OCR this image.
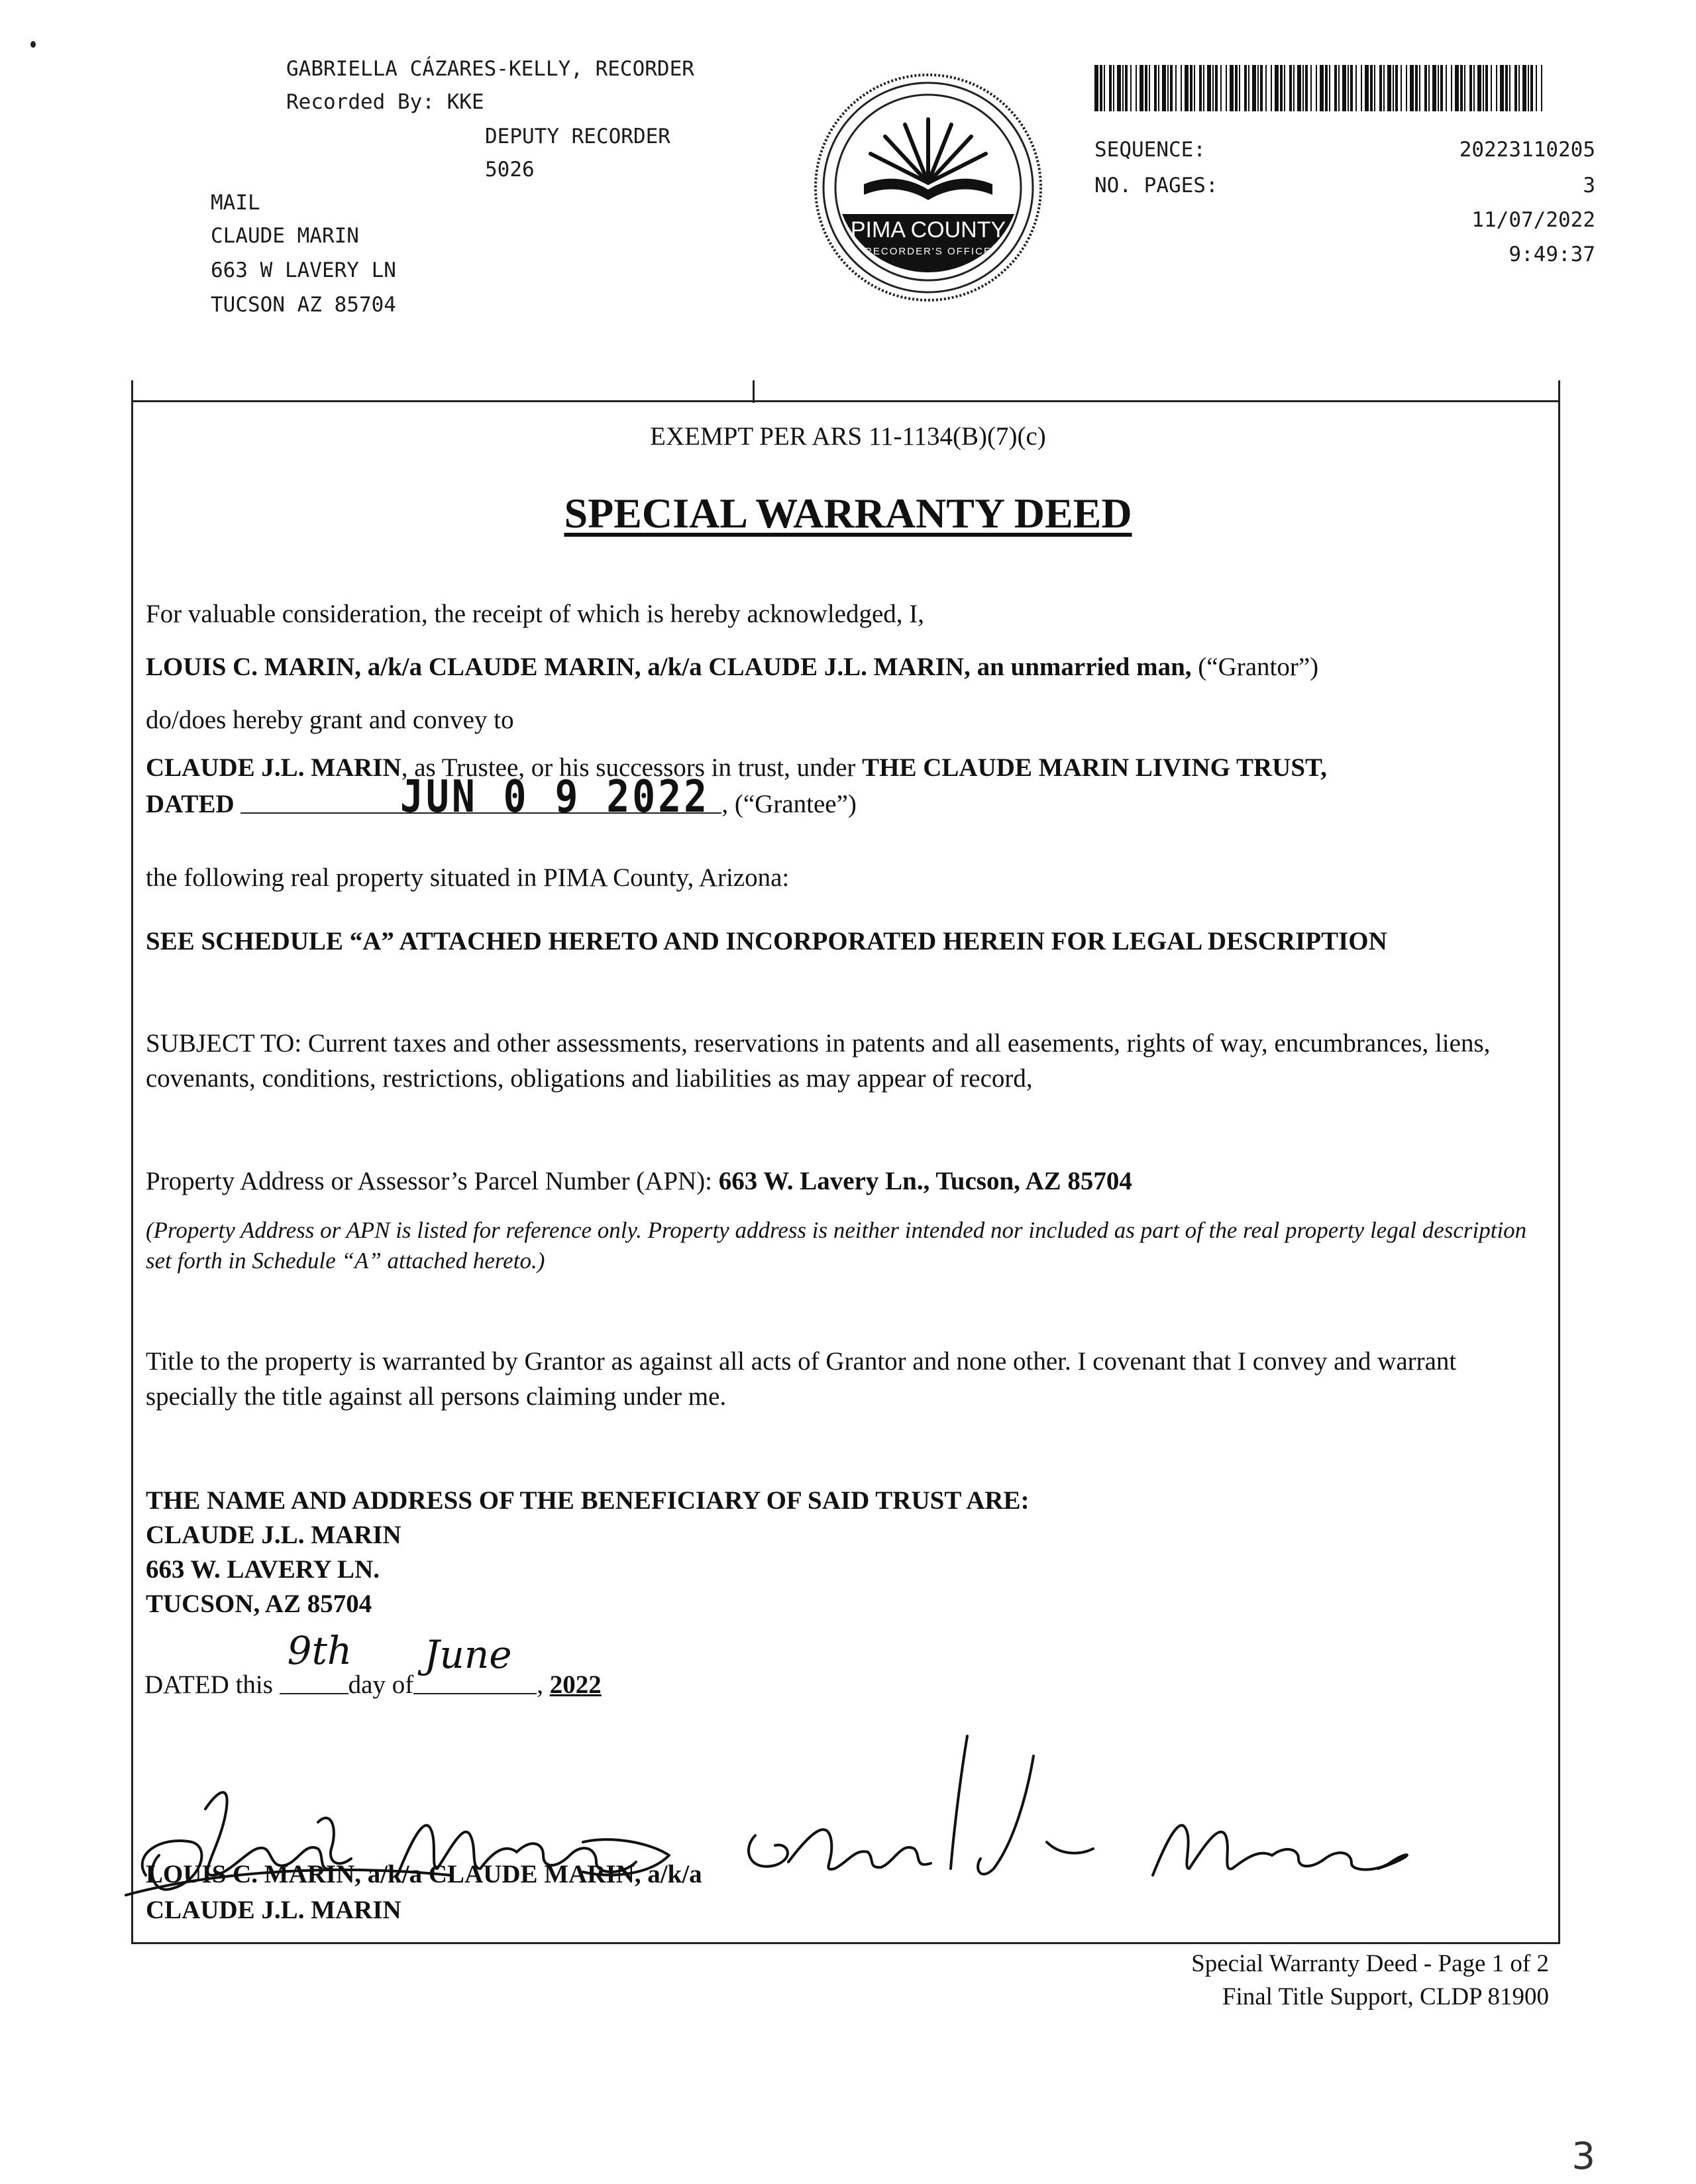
GABRIELLA CÁZARES-KELLY, RECORDER
Recorded By: KKE
DEPUTY RECORDER
5026
MAIL
CLAUDE MARIN
663 W LAVERY LN
TUCSON AZ 85704
PIMA COUNTY
RECORDER'S OFFICE
SEQUENCE:
NO. PAGES:
20223110205
3
11/07/2022
9:49:37
EXEMPT PER ARS 11-1134(B)(7)(c)
SPECIAL WARRANTY DEED
For valuable consideration, the receipt of which is hereby acknowledged, I,
LOUIS C. MARIN, a/k/a CLAUDE MARIN, a/k/a CLAUDE J.L. MARIN, an unmarried man, (“Grantor”)
do/does hereby grant and convey to
CLAUDE J.L. MARIN, as Trustee, or his successors in trust, under THE CLAUDE MARIN LIVING TRUST,
DATED	, (“Grantee”)
JUN 0 9 2022
the following real property situated in PIMA County, Arizona:
SEE SCHEDULE “A” ATTACHED HERETO AND INCORPORATED HEREIN FOR LEGAL DESCRIPTION
SUBJECT TO: Current taxes and other assessments, reservations in patents and all easements, rights of way, encumbrances, liens, covenants, conditions, restrictions, obligations and liabilities as may appear of record,
Property Address or Assessor’s Parcel Number (APN): 663 W. Lavery Ln., Tucson, AZ 85704
(Property Address or APN is listed for reference only. Property address is neither intended nor included as part of the real property legal description set forth in Schedule “A” attached hereto.)
Title to the property is warranted by Grantor as against all acts of Grantor and none other. I covenant that I convey and warrant specially the title against all persons claiming under me.
THE NAME AND ADDRESS OF THE BENEFICIARY OF SAID TRUST ARE:
CLAUDE J.L. MARIN
663 W. LAVERY LN.
TUCSON, AZ 85704
DATED this
9th
day of
June
, 2022
LOUIS C. MARIN, a/k/a CLAUDE MARIN, a/k/a
CLAUDE J.L. MARIN
Special Warranty Deed - Page 1 of 2
Final Title Support, CLDP 81900
3
